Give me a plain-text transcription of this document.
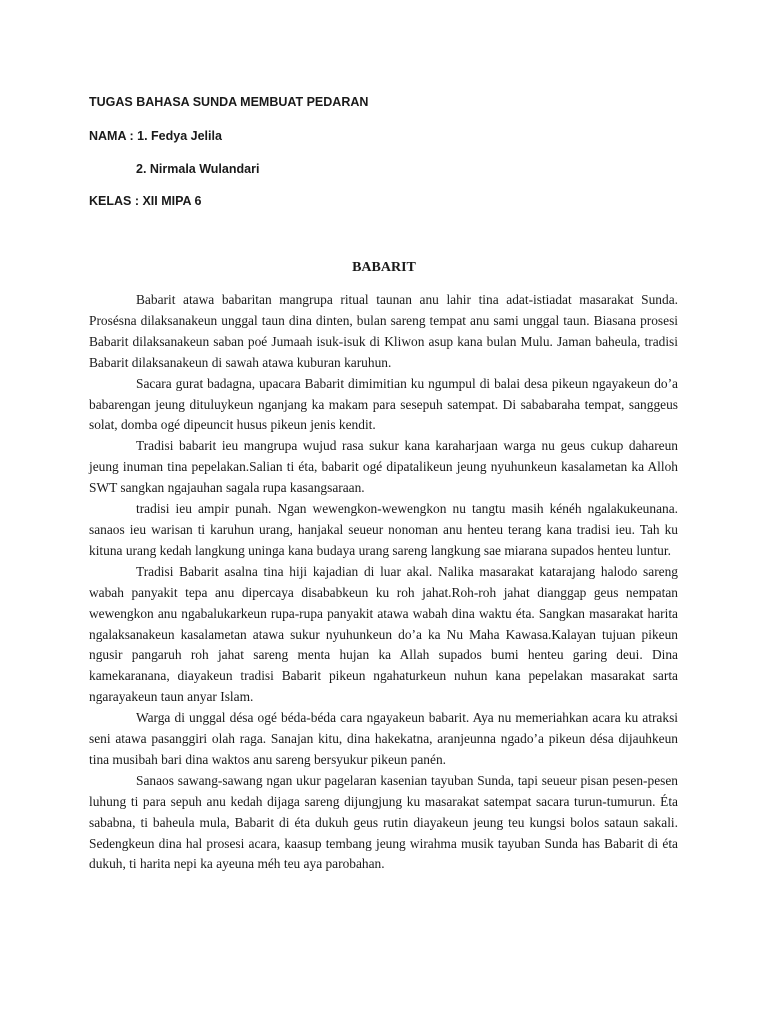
TUGAS BAHASA SUNDA MEMBUAT PEDARAN
NAMA : 1. Fedya Jelila
2. Nirmala Wulandari
KELAS : XII MIPA 6
BABARIT

Babarit atawa babaritan mangrupa ritual taunan anu lahir tina adat-istiadat masarakat Sunda. Prosésna dilaksanakeun unggal taun dina dinten, bulan sareng tempat anu sami unggal taun. Biasana prosesi Babarit dilaksanakeun saban poé Jumaah isuk-isuk di Kliwon asup kana bulan Mulu. Jaman baheula, tradisi Babarit dilaksanakeun di sawah atawa kuburan karuhun.

Sacara gurat badagna, upacara Babarit dimimitian ku ngumpul di balai desa pikeun ngayakeun do’a babarengan jeung dituluykeun nganjang ka makam para sesepuh satempat. Di sababaraha tempat, sanggeus solat, domba ogé dipeuncit husus pikeun jenis kendit.

Tradisi babarit ieu mangrupa wujud rasa sukur kana karaharjaan warga nu geus cukup dahareun jeung inuman tina pepelakan.Salian ti éta, babarit ogé dipatalikeun jeung nyuhunkeun kasalametan ka Alloh SWT sangkan ngajauhan sagala rupa kasangsaraan.

tradisi ieu ampir punah. Ngan wewengkon-wewengkon nu tangtu masih kénéh ngalakukeunana. sanaos ieu warisan ti karuhun urang, hanjakal seueur nonoman anu henteu terang kana tradisi ieu. Tah ku kituna urang kedah langkung uninga kana budaya urang sareng langkung sae miarana supados henteu luntur.

Tradisi Babarit asalna tina hiji kajadian di luar akal. Nalika masarakat katarajang halodo sareng wabah panyakit tepa anu dipercaya disababkeun ku roh jahat.Roh-roh jahat dianggap geus nempatan wewengkon anu ngabalukarkeun rupa-rupa panyakit atawa wabah dina waktu éta. Sangkan masarakat harita ngalaksanakeun kasalametan atawa sukur nyuhunkeun do’a ka Nu Maha Kawasa.Kalayan tujuan pikeun ngusir pangaruh roh jahat sareng menta hujan ka Allah supados bumi henteu garing deui. Dina kamekaranana, diayakeun tradisi Babarit pikeun ngahaturkeun nuhun kana pepelakan masarakat sarta ngarayakeun taun anyar Islam.

Warga di unggal désa ogé béda-béda cara ngayakeun babarit. Aya nu memeriahkan acara ku atraksi seni atawa pasanggiri olah raga. Sanajan kitu, dina hakekatna, aranjeunna ngado’a pikeun désa dijauhkeun tina musibah bari dina waktos anu sareng bersyukur pikeun panén.

Sanaos sawang-sawang ngan ukur pagelaran kasenian tayuban Sunda, tapi seueur pisan pesen-pesen luhung ti para sepuh anu kedah dijaga sareng dijungjung ku masarakat satempat sacara turun-tumurun. Éta sababna, ti baheula mula, Babarit di éta dukuh geus rutin diayakeun jeung teu kungsi bolos sataun sakali. Sedengkeun dina hal prosesi acara, kaasup tembang jeung wirahma musik tayuban Sunda has Babarit di éta dukuh, ti harita nepi ka ayeuna méh teu aya parobahan.
